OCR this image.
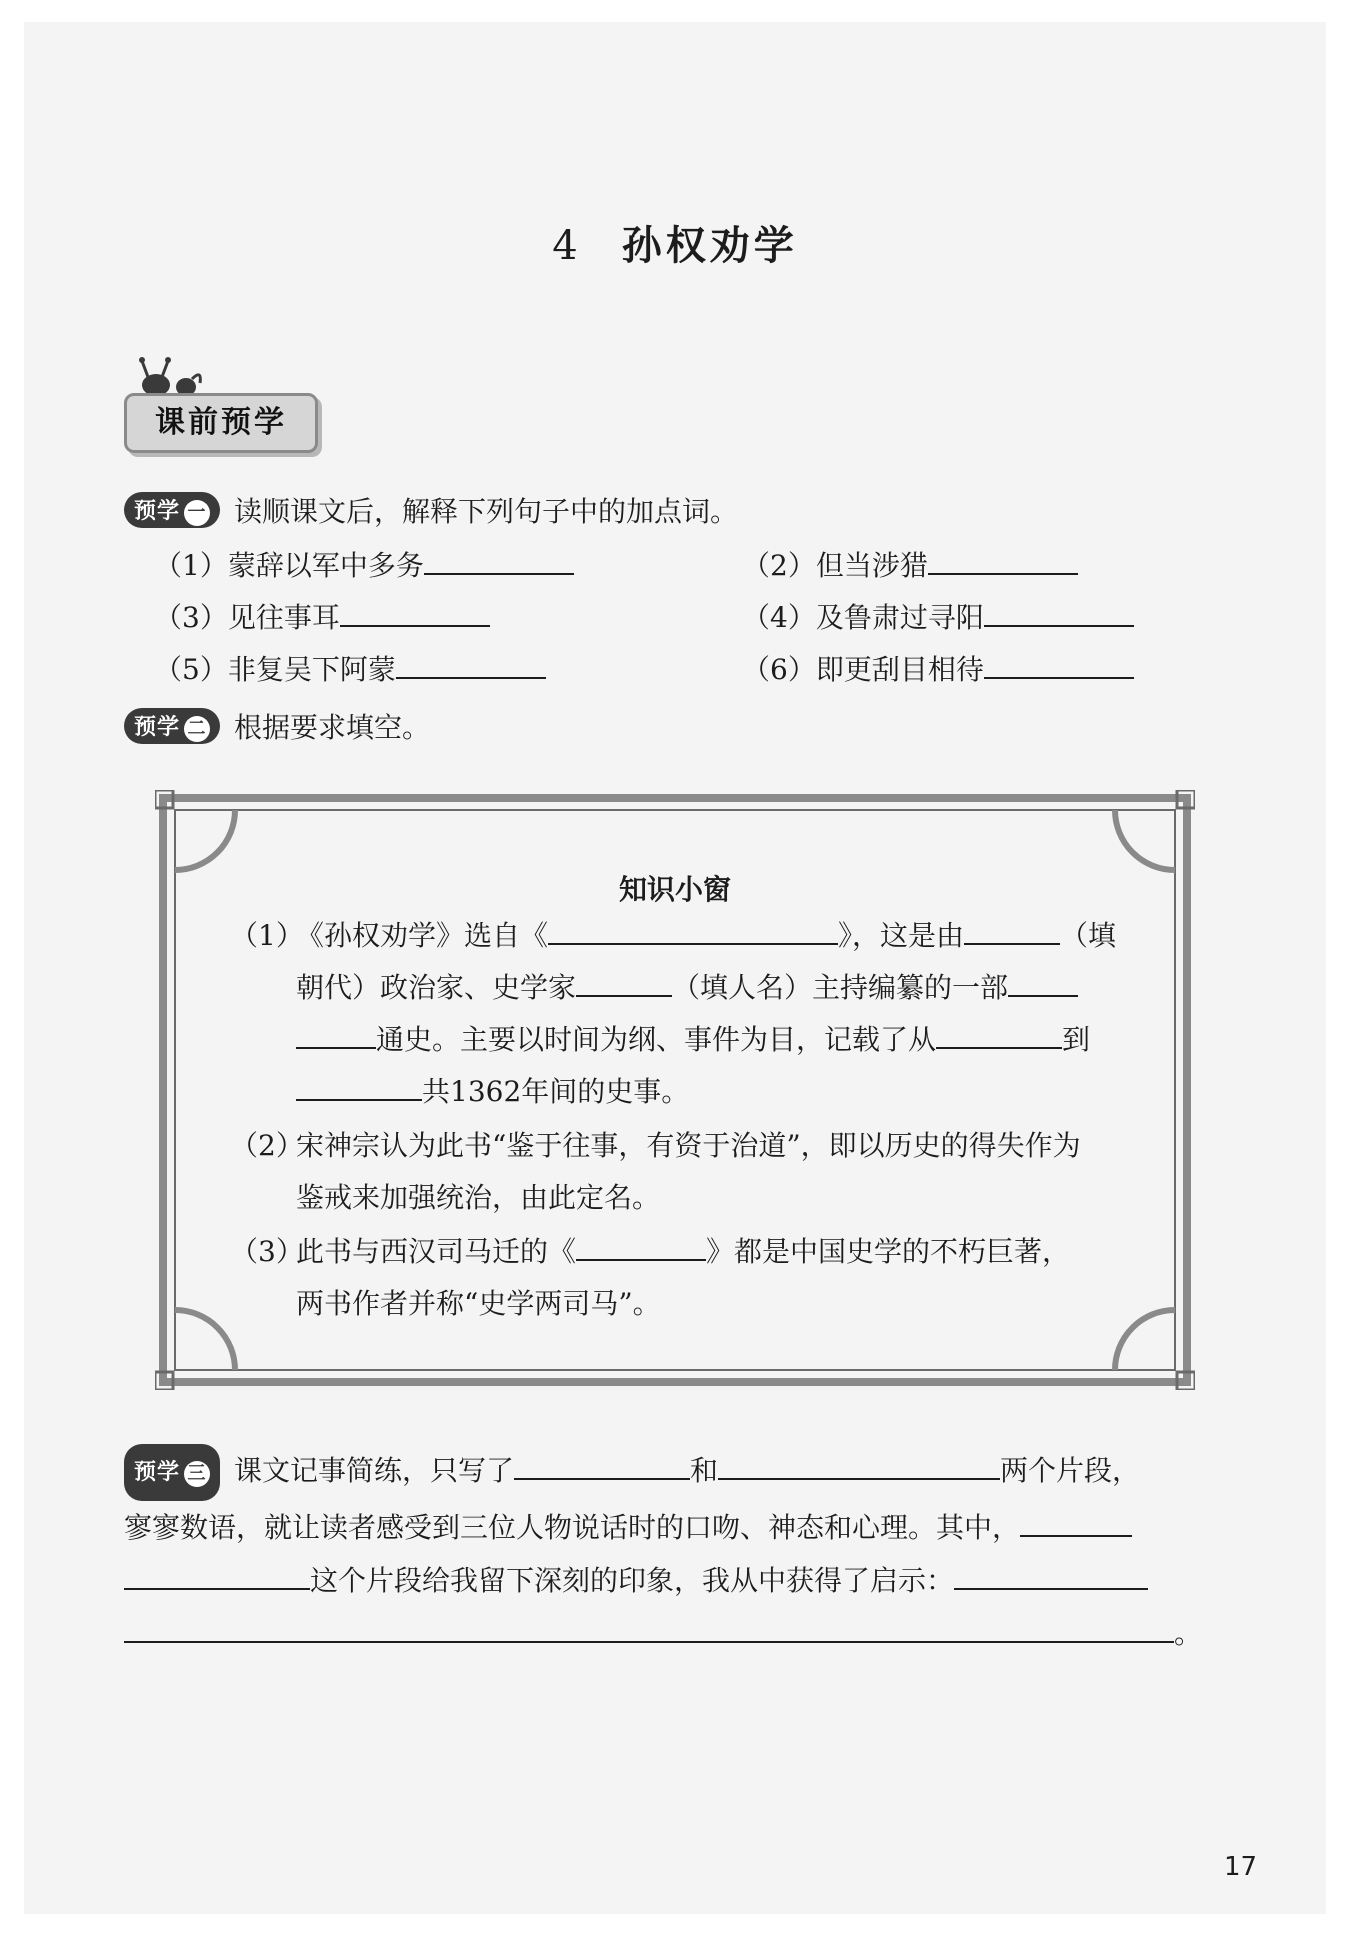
4 孙权劝学
课前预学
预学 一 读顺课文后，解释下列句子中的加点词。
（1）蒙辞以军中多务	（2）但当涉猎
（3）见往事耳	（4）及鲁肃过寻阳
（5）非复吴下阿蒙	（6）即更刮目相待
预学 二 根据要求填空。
知识小窗
（1）
《孙权劝学》选自《	》，这是由	（填
朝代）政治家、史学家	（填人名）主持编纂的一部
通史。主要以时间为纲、事件为目，记载了从	到
共1362年间的史事。
（2）
宋神宗认为此书“鉴于往事，有资于治道”，即以历史的得失作为
鉴戒来加强统治，由此定名。
（3）
此书与西汉司马迁的《	》都是中国史学的不朽巨著，
两书作者并称“史学两司马”。
预学 三 课文记事简练，只写了	和	两个片段，
寥寥数语，就让读者感受到三位人物说话时的口吻、神态和心理。其中，
这个片段给我留下深刻的印象，我从中获得了启示：
。
17
